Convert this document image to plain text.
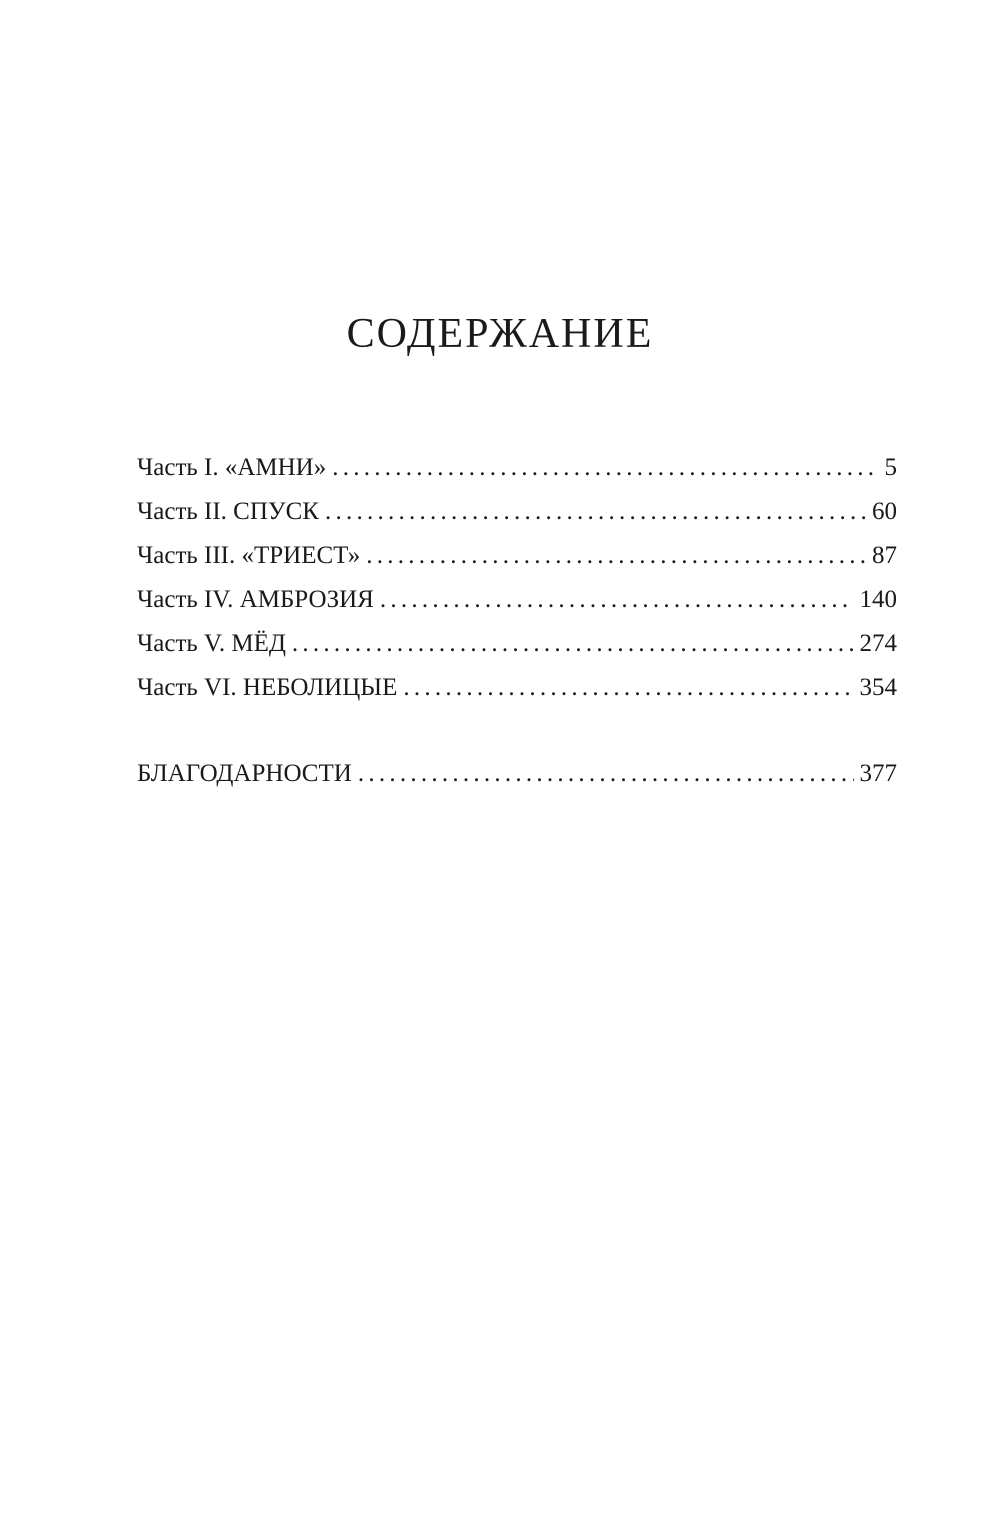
СОДЕРЖАНИЕ
Часть I. «АМНИ» . . .	5
Часть II. СПУСК . . .	60
Часть III. «ТРИЕСТ» . . .	87
Часть IV. АМБРОЗИЯ . . .	140
Часть V. МЁД . . .	274
Часть VI. НЕБОЛИЦЫЕ . . .	354
БЛАГОДАРНОСТИ . . .	377
